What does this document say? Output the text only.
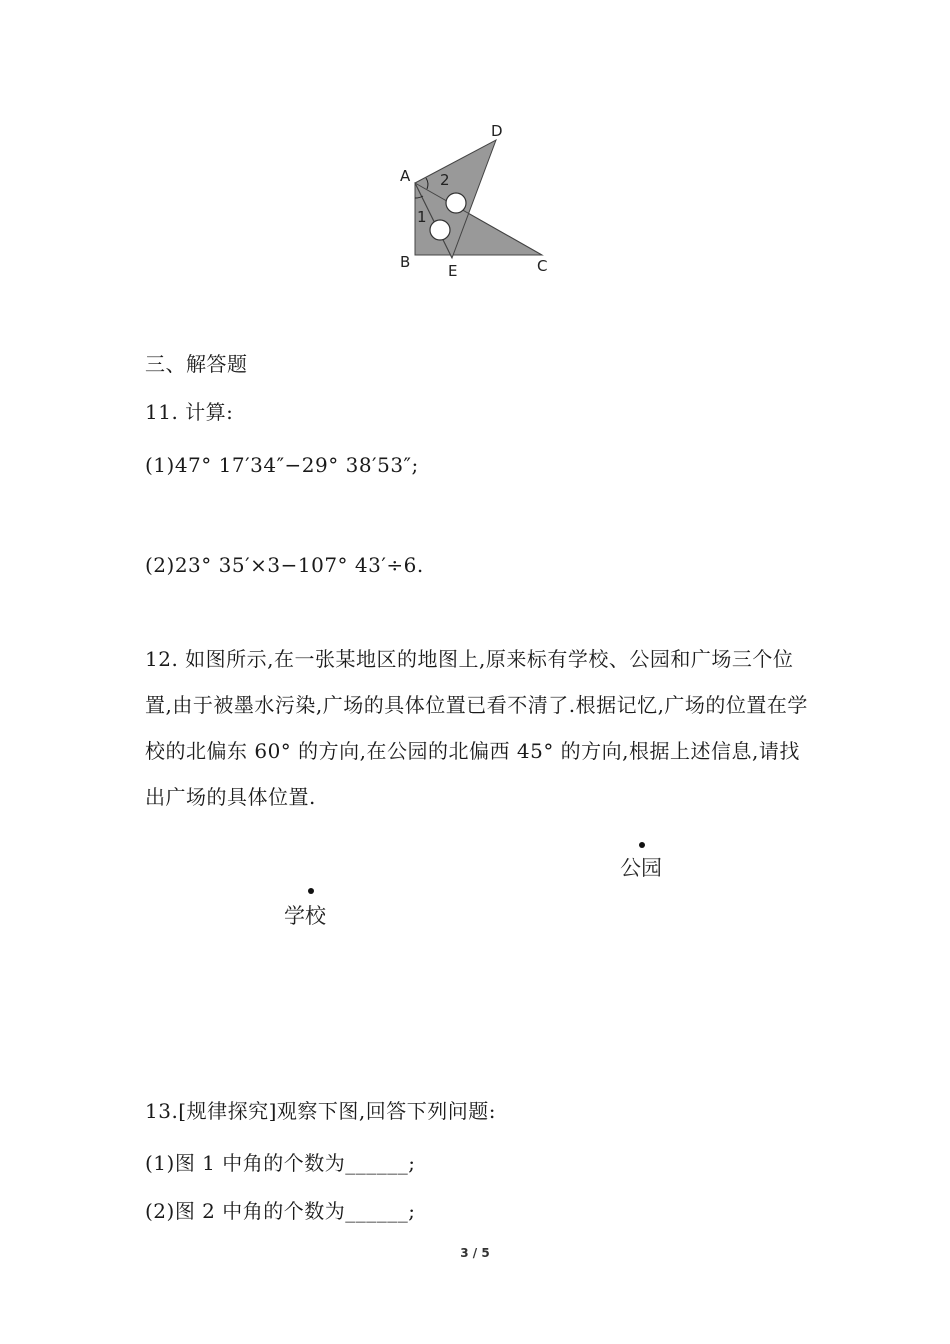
A
B	C
D
E
1
2
三、解答题
11. 计算:
(1)47° 17′34″−29° 38′53″;
(2)23° 35′×3−107° 43′÷6.
12. 如图所示,在一张某地区的地图上,原来标有学校、公园和广场三个位置,由于被墨水污染,广场的具体位置已看不清了.根据记忆,广场的位置在学校的北偏东 60° 的方向,在公园的北偏西 45° 的方向,根据上述信息,请找出广场的具体位置.
公园
学校
13.[规律探究]观察下图,回答下列问题:
(1)图 1 中角的个数为______;
(2)图 2 中角的个数为______;
3 / 5
